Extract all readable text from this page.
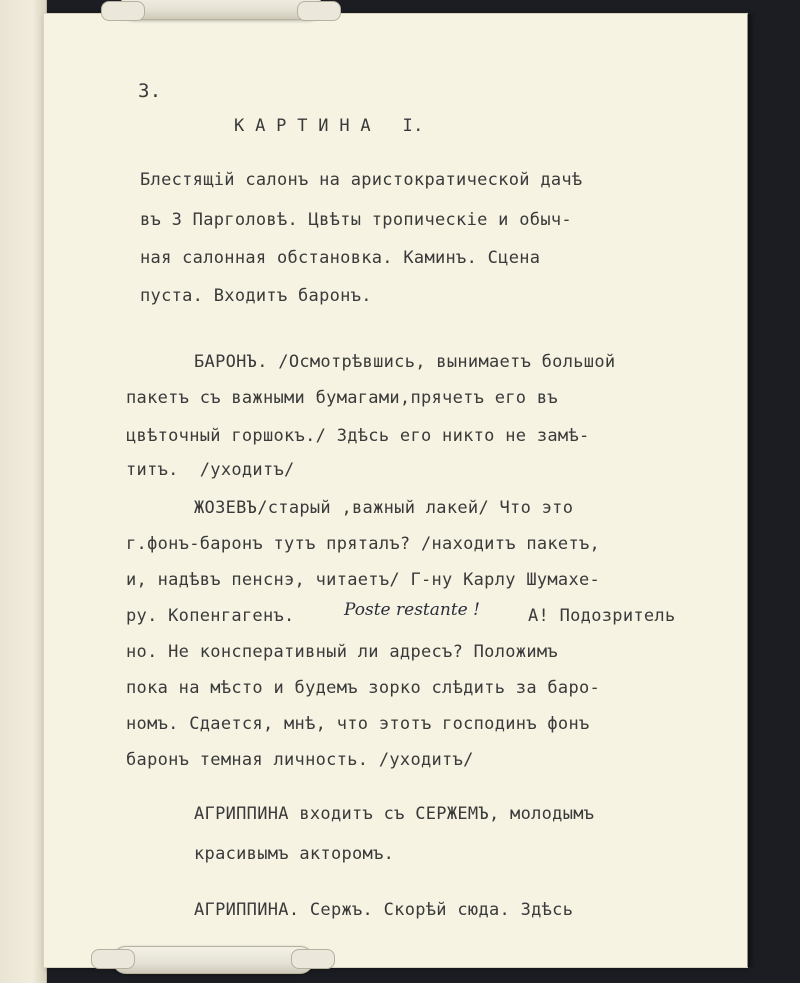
3.
К А Р Т И Н А   I.
Блестящiй салонъ на аристократической дачѣ
въ 3 Парголовѣ. Цвѣты тропическiе и обыч-
ная салонная обстановка. Каминъ. Сцена
пуста. Входитъ баронъ.
БАРОНЪ. /Осмотрѣвшись, вынимаетъ большой
пакетъ съ важными бумагами,прячетъ его въ
цвѣточный горшокъ./ Здѣсь его никто не замѣ-
титъ.  /уходитъ/
ЖОЗЕВЪ/старый ,важный лакей/ Что это
г.фонъ-баронъ тутъ пряталъ? /находитъ пакетъ,
и, надѣвъ пенснэ, читаетъ/ Г-ну Карлу Шумахе-
ру. Копенгагенъ.	Poste restante !	А! Подозритель
но. Не консперативный ли адресъ? Положимъ
пока на мѣсто и будемъ зорко слѣдить за баро-
номъ. Сдается, мнѣ, что этотъ господинъ фонъ
баронъ темная личность. /уходитъ/
АГРИППИНА входитъ съ СЕРЖЕМЪ, молодымъ
красивымъ акторомъ.
АГРИППИНА. Сержъ. Скорѣй сюда. Здѣсь
